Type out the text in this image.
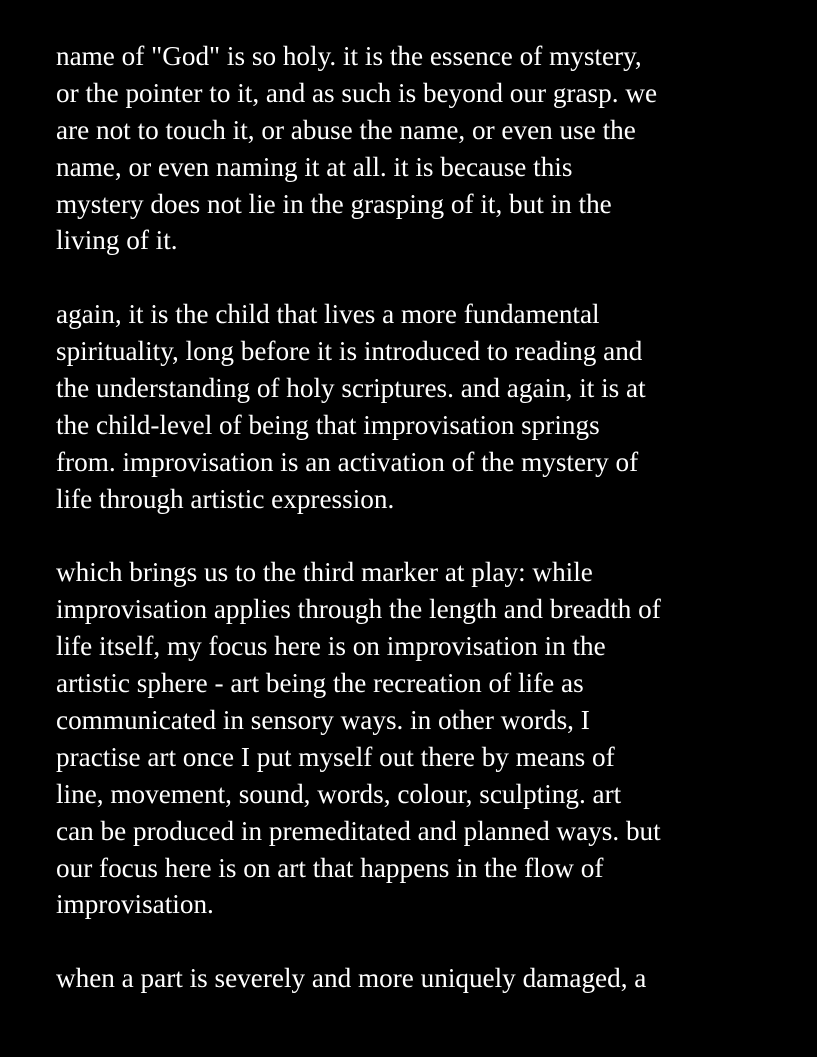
name of "God" is so holy. it is the essence of mystery,
or the pointer to it, and as such is beyond our grasp. we
are not to touch it, or abuse the name, or even use the
name, or even naming it at all. it is because this
mystery does not lie in the grasping of it, but in the
living of it.
again, it is the child that lives a more fundamental
spirituality, long before it is introduced to reading and
the understanding of holy scriptures. and again, it is at
the child-level of being that improvisation springs
from. improvisation is an activation of the mystery of
life through artistic expression.
which brings us to the third marker at play: while
improvisation applies through the length and breadth of
life itself, my focus here is on improvisation in the
artistic sphere - art being the recreation of life as
communicated in sensory ways. in other words, I
practise art once I put myself out there by means of
line, movement, sound, words, colour, sculpting. art
can be produced in premeditated and planned ways. but
our focus here is on art that happens in the flow of
improvisation.
when a part is severely and more uniquely damaged, a
